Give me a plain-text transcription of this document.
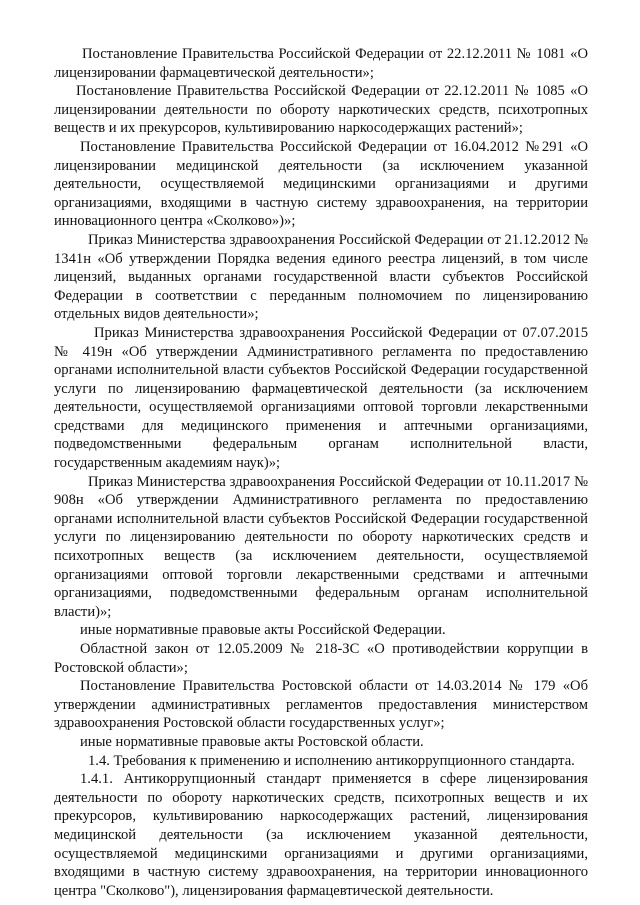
Постановление Правительства Российской Федерации от 22.12.2011 № 1081 «О лицензировании фармацевтической деятельности»;

Постановление Правительства Российской Федерации от 22.12.2011 № 1085 «О лицензировании деятельности по обороту наркотических средств, психотропных веществ и их прекурсоров, культивированию наркосодержащих растений»;

Постановление Правительства Российской Федерации от 16.04.2012 №291 «О лицензировании медицинской деятельности (за исключением указанной деятельности, осуществляемой медицинскими организациями и другими организациями, входящими в частную систему здравоохранения, на территории инновационного центра «Сколково»)»;

Приказ Министерства здравоохранения Российской Федерации от 21.12.2012 № 1341н «Об утверждении Порядка ведения единого реестра лицензий, в том числе лицензий, выданных органами государственной власти субъектов Российской Федерации в соответствии с переданным полномочием по лицензированию отдельных видов деятельности»;

Приказ Министерства здравоохранения Российской Федерации от 07.07.2015 № 419н «Об утверждении Административного регламента по предоставлению органами исполнительной власти субъектов Российской Федерации государственной услуги по лицензированию фармацевтической деятельности (за исключением деятельности, осуществляемой организациями оптовой торговли лекарственными средствами для медицинского применения и аптечными организациями, подведомственными федеральным органам исполнительной власти, государственным академиям наук)»;

Приказ Министерства здравоохранения Российской Федерации от 10.11.2017 № 908н «Об утверждении Административного регламента по предоставлению органами исполнительной власти субъектов Российской Федерации государственной услуги по лицензированию деятельности по обороту наркотических средств и психотропных веществ (за исключением деятельности, осуществляемой организациями оптовой торговли лекарственными средствами и аптечными организациями, подведомственными федеральным органам исполнительной власти)»;

иные нормативные правовые акты Российской Федерации.

Областной закон от 12.05.2009 № 218-ЗС «О противодействии коррупции в Ростовской области»;

Постановление Правительства Ростовской области от 14.03.2014 № 179 «Об утверждении административных регламентов предоставления министерством здравоохранения Ростовской области государственных услуг»;

иные нормативные правовые акты Ростовской области.

1.4. Требования к применению и исполнению антикоррупционного стандарта.

1.4.1. Антикоррупционный стандарт применяется в сфере лицензирования деятельности по обороту наркотических средств, психотропных веществ и их прекурсоров, культивированию наркосодержащих растений, лицензирования медицинской деятельности (за исключением указанной деятельности, осуществляемой медицинскими организациями и другими организациями, входящими в частную систему здравоохранения, на территории инновационного центра "Сколково"), лицензирования фармацевтической деятельности.
